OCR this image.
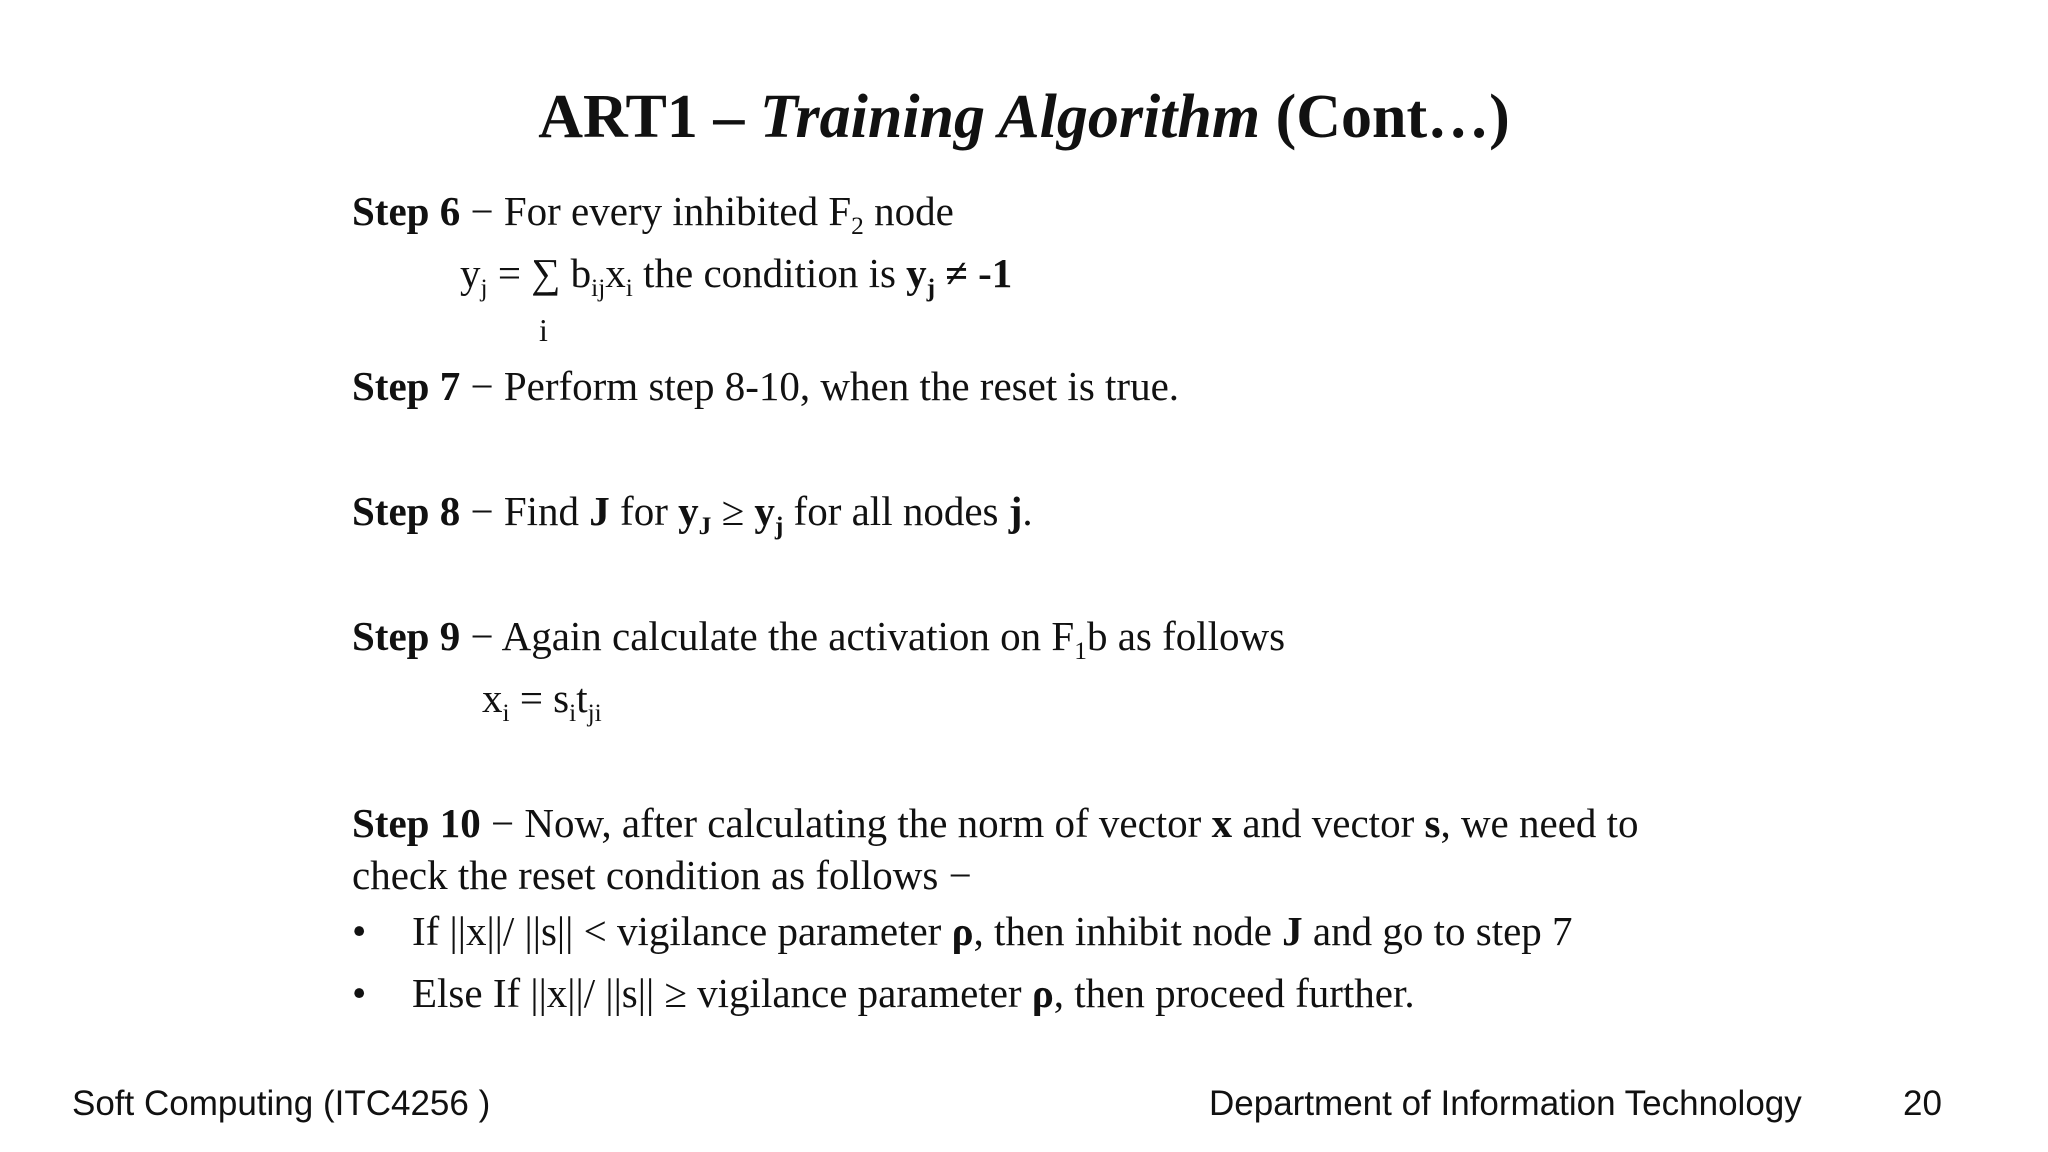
ART1 – Training Algorithm (Cont…)
Step 6 − For every inhibited $F_2$ node
$y_j$ = ∑ $b_{ij}x_i$ the condition is $y_j \ne -1$
i
Step 7 − Perform step 8-10, when the reset is true.
Step 8 − Find J for $y_J \ge y_j$ for all nodes j.
Step 9 − Again calculate the activation on $F_1b$ as follows
$x_i = s_it_{ji}$
Step 10 − Now, after calculating the norm of vector x and vector s, we need to
check the reset condition as follows −
• If ||x||/ ||s|| < vigilance parameter ρ, then inhibit node J and go to step 7
• Else If ||x||/ ||s|| ≥ vigilance parameter ρ, then proceed further.
Soft Computing (ITC4256 )	Department of Information Technology	20
